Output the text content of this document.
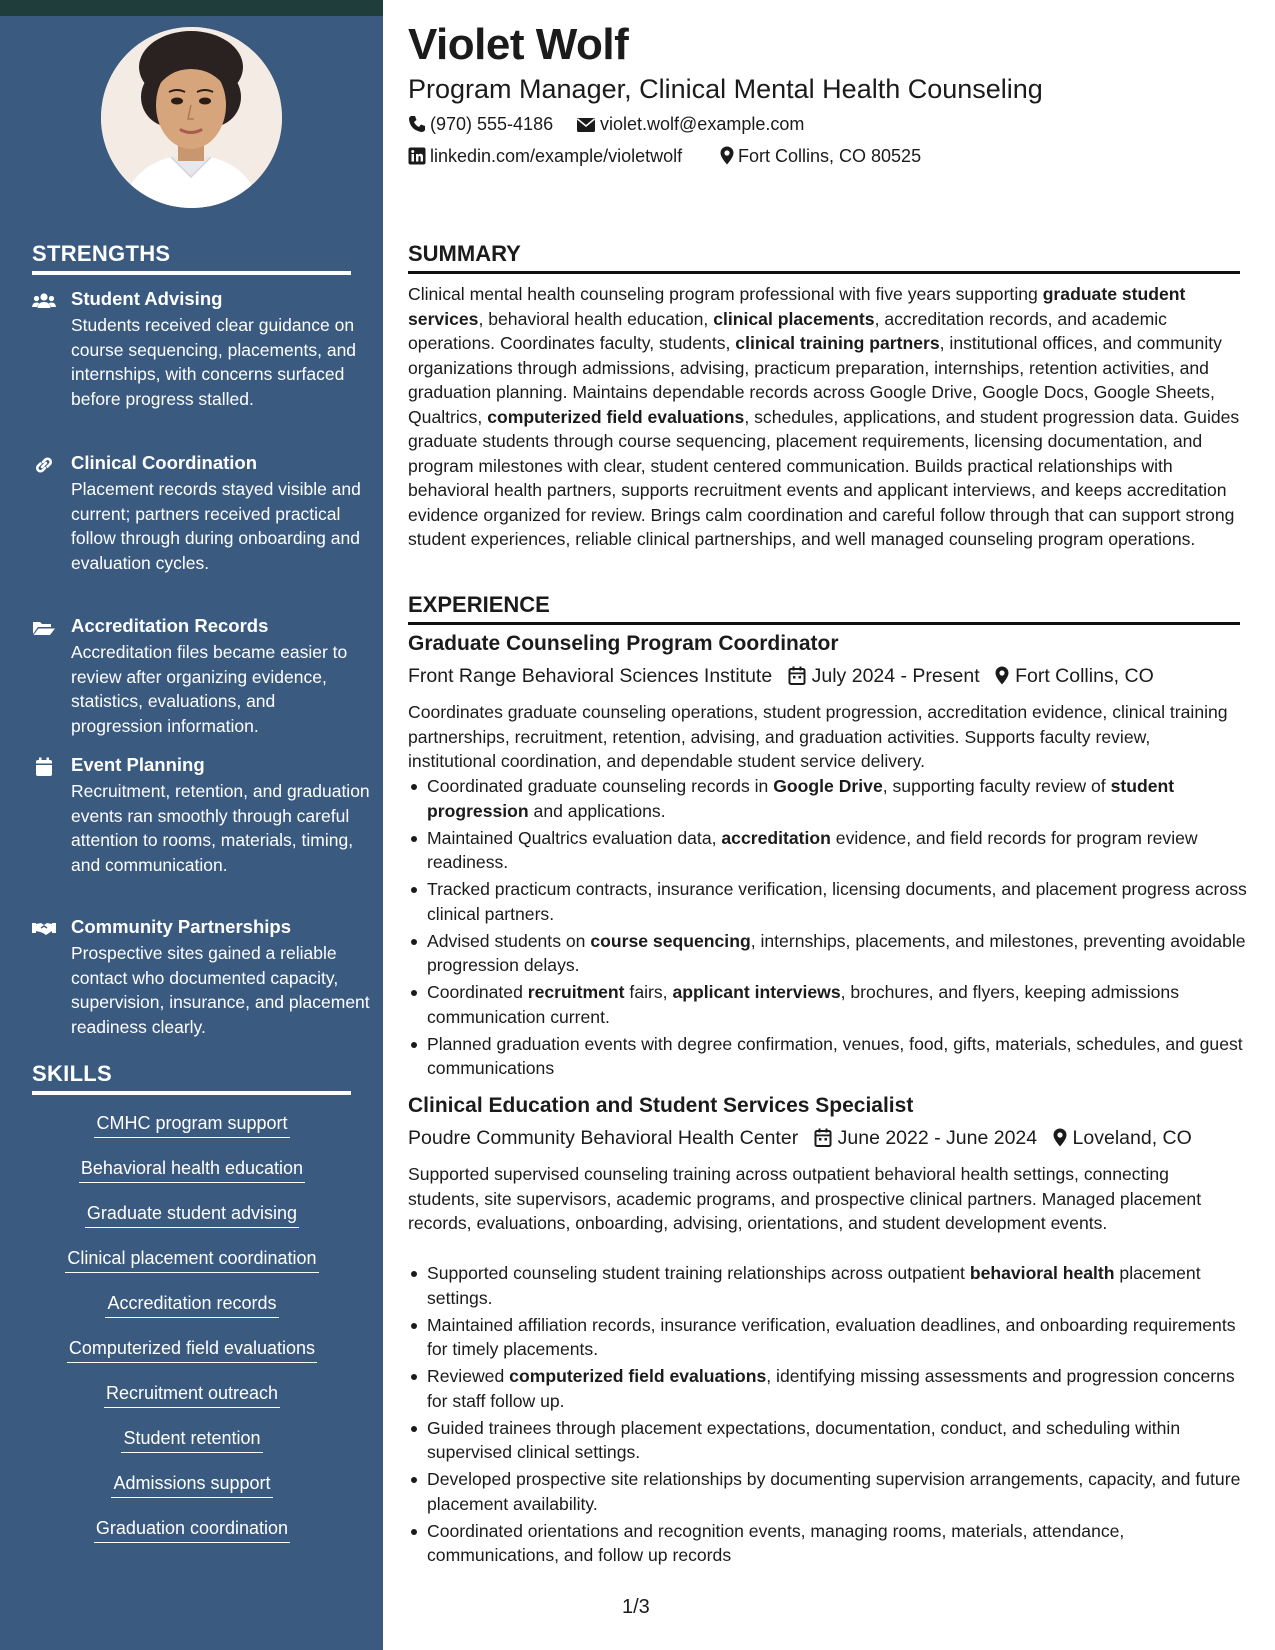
STRENGTHS
Student Advising
Students received clear guidance on course sequencing, placements, and internships, with concerns surfaced before progress stalled.
Clinical Coordination
Placement records stayed visible and current; partners received practical follow through during onboarding and evaluation cycles.
Accreditation Records
Accreditation files became easier to review after organizing evidence, statistics, evaluations, and progression information.
Event Planning
Recruitment, retention, and graduation events ran smoothly through careful attention to rooms, materials, timing, and communication.
Community Partnerships
Prospective sites gained a reliable contact who documented capacity, supervision, insurance, and placement readiness clearly.
SKILLS
CMHC program support
Behavioral health education
Graduate student advising
Clinical placement coordination
Accreditation records
Computerized field evaluations
Recruitment outreach
Student retention
Admissions support
Graduation coordination
Violet Wolf
Program Manager, Clinical Mental Health Counseling
(970) 555-4186	violet.wolf@example.com
linkedin.com/example/violetwolf	Fort Collins, CO 80525
SUMMARY
Clinical mental health counseling program professional with five years supporting graduate student services, behavioral health education, clinical placements, accreditation records, and academic operations. Coordinates faculty, students, clinical training partners, institutional offices, and community organizations through admissions, advising, practicum preparation, internships, retention activities, and graduation planning. Maintains dependable records across Google Drive, Google Docs, Google Sheets, Qualtrics, computerized field evaluations, schedules, applications, and student progression data. Guides graduate students through course sequencing, placement requirements, licensing documentation, and program milestones with clear, student centered communication. Builds practical relationships with behavioral health partners, supports recruitment events and applicant interviews, and keeps accreditation evidence organized for review. Brings calm coordination and careful follow through that can support strong student experiences, reliable clinical partnerships, and well managed counseling program operations.
EXPERIENCE
Graduate Counseling Program Coordinator
Front Range Behavioral Sciences Institute July 2024 - Present Fort Collins, CO
Coordinates graduate counseling operations, student progression, accreditation evidence, clinical training partnerships, recruitment, retention, advising, and graduation activities. Supports faculty review, institutional coordination, and dependable student service delivery.
Coordinated graduate counseling records in Google Drive, supporting faculty review of student progression and applications.
Maintained Qualtrics evaluation data, accreditation evidence, and field records for program review readiness.
Tracked practicum contracts, insurance verification, licensing documents, and placement progress across clinical partners.
Advised students on course sequencing, internships, placements, and milestones, preventing avoidable progression delays.
Coordinated recruitment fairs, applicant interviews, brochures, and flyers, keeping admissions communication current.
Planned graduation events with degree confirmation, venues, food, gifts, materials, schedules, and guest communications
Clinical Education and Student Services Specialist
Poudre Community Behavioral Health Center June 2022 - June 2024 Loveland, CO
Supported supervised counseling training across outpatient behavioral health settings, connecting students, site supervisors, academic programs, and prospective clinical partners. Managed placement records, evaluations, onboarding, advising, orientations, and student development events.
Supported counseling student training relationships across outpatient behavioral health placement settings.
Maintained affiliation records, insurance verification, evaluation deadlines, and onboarding requirements for timely placements.
Reviewed computerized field evaluations, identifying missing assessments and progression concerns for staff follow up.
Guided trainees through placement expectations, documentation, conduct, and scheduling within supervised clinical settings.
Developed prospective site relationships by documenting supervision arrangements, capacity, and future placement availability.
Coordinated orientations and recognition events, managing rooms, materials, attendance, communications, and follow up records
1/3
